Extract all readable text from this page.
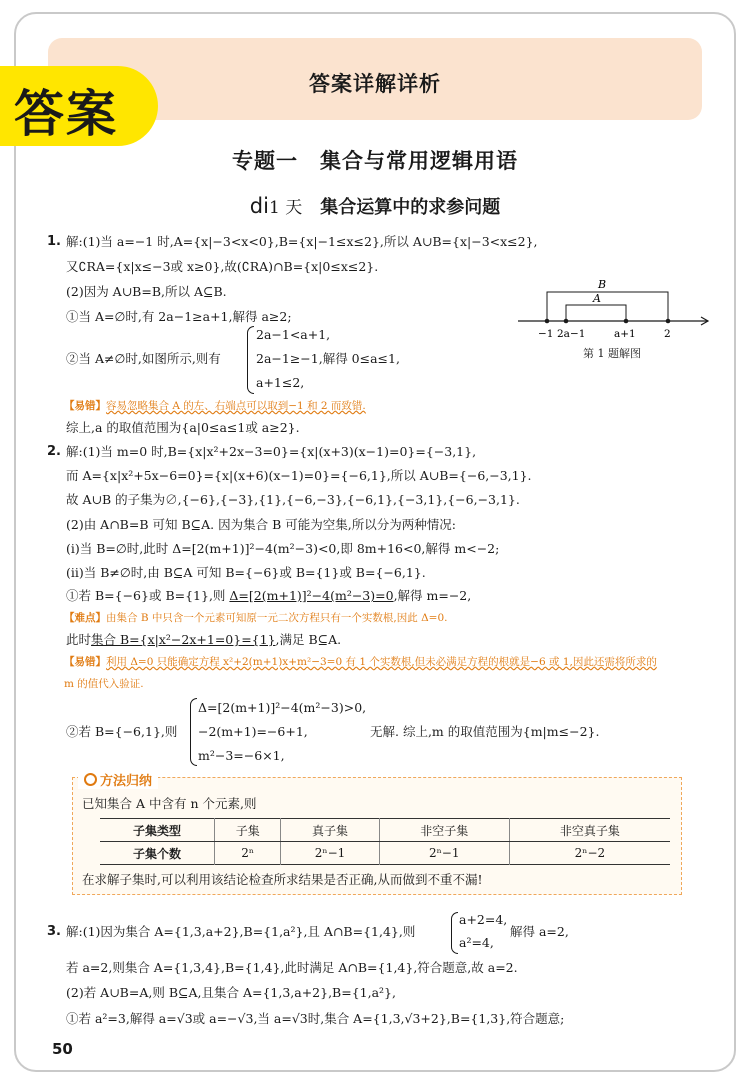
答案详解详析
答案
专题一　集合与常用逻辑用语
di1 天 集合运算中的求参问题
1. 解:(1)当 a=−1 时,A={x|−3<x<0},B={x|−1≤x≤2},所以 A∪B={x|−3<x≤2},
又∁RA={x|x≤−3或 x≥0},故(∁RA)∩B={x|0≤x≤2}.
(2)因为 A∪B=B,所以 A⊆B.
①当 A=∅时,有 2a−1≥a+1,解得 a≥2;
②当 A≠∅时,如图所示,则有
2a−1<a+1,
2a−1≥−1,解得 0≤a≤1,
a+1≤2,
B
A
−1 2a−1	a+1	2
第 1 题解图
【易错】容易忽略集合 A 的左、右端点可以取到−1 和 2 而致错.
综上,a 的取值范围为{a|0≤a≤1或 a≥2}.
2. 解:(1)当 m=0 时,B={x|x²+2x−3=0}={x|(x+3)(x−1)=0}={−3,1},
而 A={x|x²+5x−6=0}={x|(x+6)(x−1)=0}={−6,1},所以 A∪B={−6,−3,1}.
故 A∪B 的子集为∅,{−6},{−3},{1},{−6,−3},{−6,1},{−3,1},{−6,−3,1}.
(2)由 A∩B=B 可知 B⊆A. 因为集合 B 可能为空集,所以分为两种情况:
(ⅰ)当 B=∅时,此时 Δ=[2(m+1)]²−4(m²−3)<0,即 8m+16<0,解得 m<−2;
(ⅱ)当 B≠∅时,由 B⊆A 可知 B={−6}或 B={1}或 B={−6,1}.
①若 B={−6}或 B={1},则 Δ=[2(m+1)]²−4(m²−3)=0,解得 m=−2,
【难点】由集合 B 中只含一个元素可知原一元二次方程只有一个实数根,因此 Δ=0.
此时集合 B={x|x²−2x+1=0}={1},满足 B⊆A.
【易错】利用 Δ=0 只能确定方程 x²+2(m+1)x+m²−3=0 有 1 个实数根,但未必满足方程的根就是−6 或 1,因此还需将所求的
m 的值代入验证.
②若 B={−6,1},则
Δ=[2(m+1)]²−4(m²−3)>0,
−2(m+1)=−6+1,
m²−3=−6×1,
无解. 综上,m 的取值范围为{m|m≤−2}.
方法归纳
已知集合 A 中含有 n 个元素,则
子集类型	子集	真子集	非空子集	非空真子集
子集个数	2ⁿ	2ⁿ−1	2ⁿ−1	2ⁿ−2
在求解子集时,可以利用该结论检查所求结果是否正确,从而做到不重不漏!
3. 解:(1)因为集合 A={1,3,a+2},B={1,a²},且 A∩B={1,4},则
a+2=4,
a²=4,
解得 a=2,
若 a=2,则集合 A={1,3,4},B={1,4},此时满足 A∩B={1,4},符合题意,故 a=2.
(2)若 A∪B=A,则 B⊆A,且集合 A={1,3,a+2},B={1,a²},
①若 a²=3,解得 a=√3或 a=−√3,当 a=√3时,集合 A={1,3,√3+2},B={1,3},符合题意;
50
